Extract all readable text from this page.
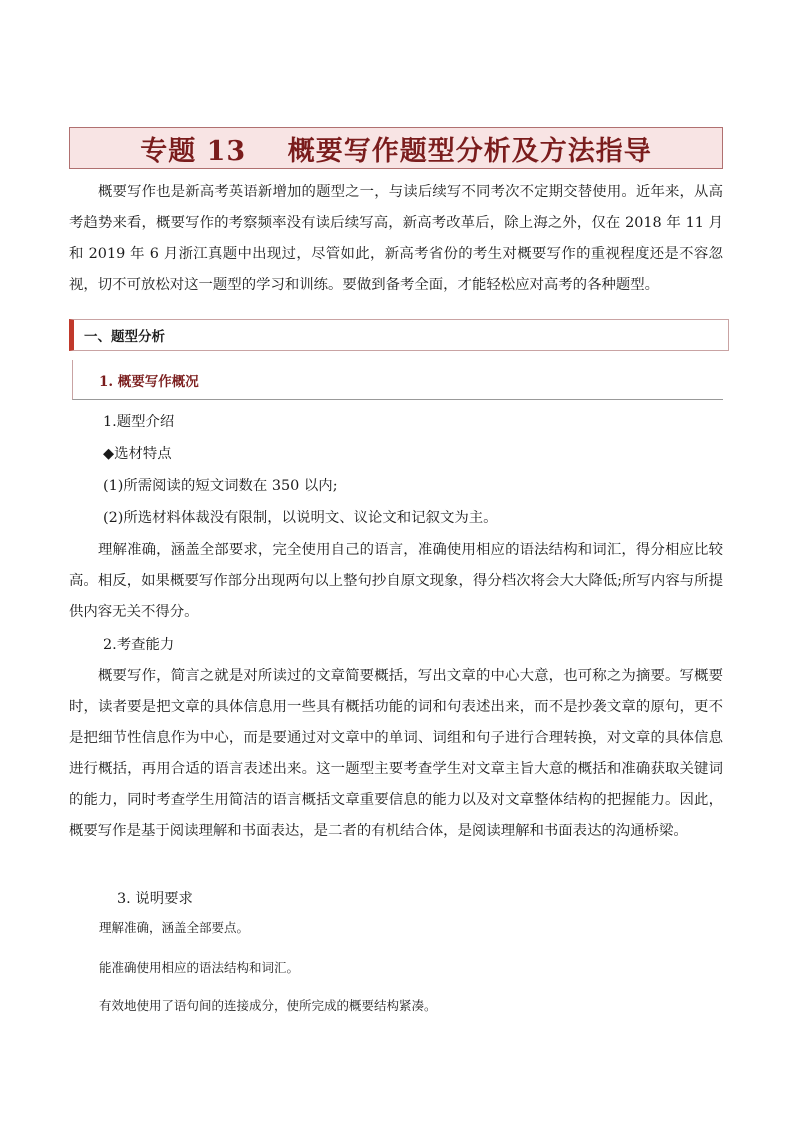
专题 13    概要写作题型分析及方法指导

概要写作也是新高考英语新增加的题型之一，与读后续写不同考次不定期交替使用。近年来，从高考趋势来看，概要写作的考察频率没有读后续写高，新高考改革后，除上海之外，仅在 2018 年 11 月和 2019 年 6 月浙江真题中出现过，尽管如此，新高考省份的考生对概要写作的重视程度还是不容忽视，切不可放松对这一题型的学习和训练。要做到备考全面，才能轻松应对高考的各种题型。

一、题型分析
1. 概要写作概况

1.题型介绍

◆选材特点

(1)所需阅读的短文词数在 350 以内;

(2)所选材料体裁没有限制，以说明文、议论文和记叙文为主。

理解准确，涵盖全部要求，完全使用自己的语言，准确使用相应的语法结构和词汇，得分相应比较高。相反，如果概要写作部分出现两句以上整句抄自原文现象，得分档次将会大大降低;所写内容与所提供内容无关不得分。

2.考查能力

概要写作，简言之就是对所读过的文章简要概括，写出文章的中心大意，也可称之为摘要。写概要时，读者要是把文章的具体信息用一些具有概括功能的词和句表述出来，而不是抄袭文章的原句，更不是把细节性信息作为中心，而是要通过对文章中的单词、词组和句子进行合理转换，对文章的具体信息进行概括，再用合适的语言表述出来。这一题型主要考查学生对文章主旨大意的概括和准确获取关键词的能力，同时考查学生用简洁的语言概括文章重要信息的能力以及对文章整体结构的把握能力。因此，概要写作是基于阅读理解和书面表达，是二者的有机结合体，是阅读理解和书面表达的沟通桥梁。

3. 说明要求

理解准确，涵盖全部要点。

能准确使用相应的语法结构和词汇。

有效地使用了语句间的连接成分，使所完成的概要结构紧凑。
